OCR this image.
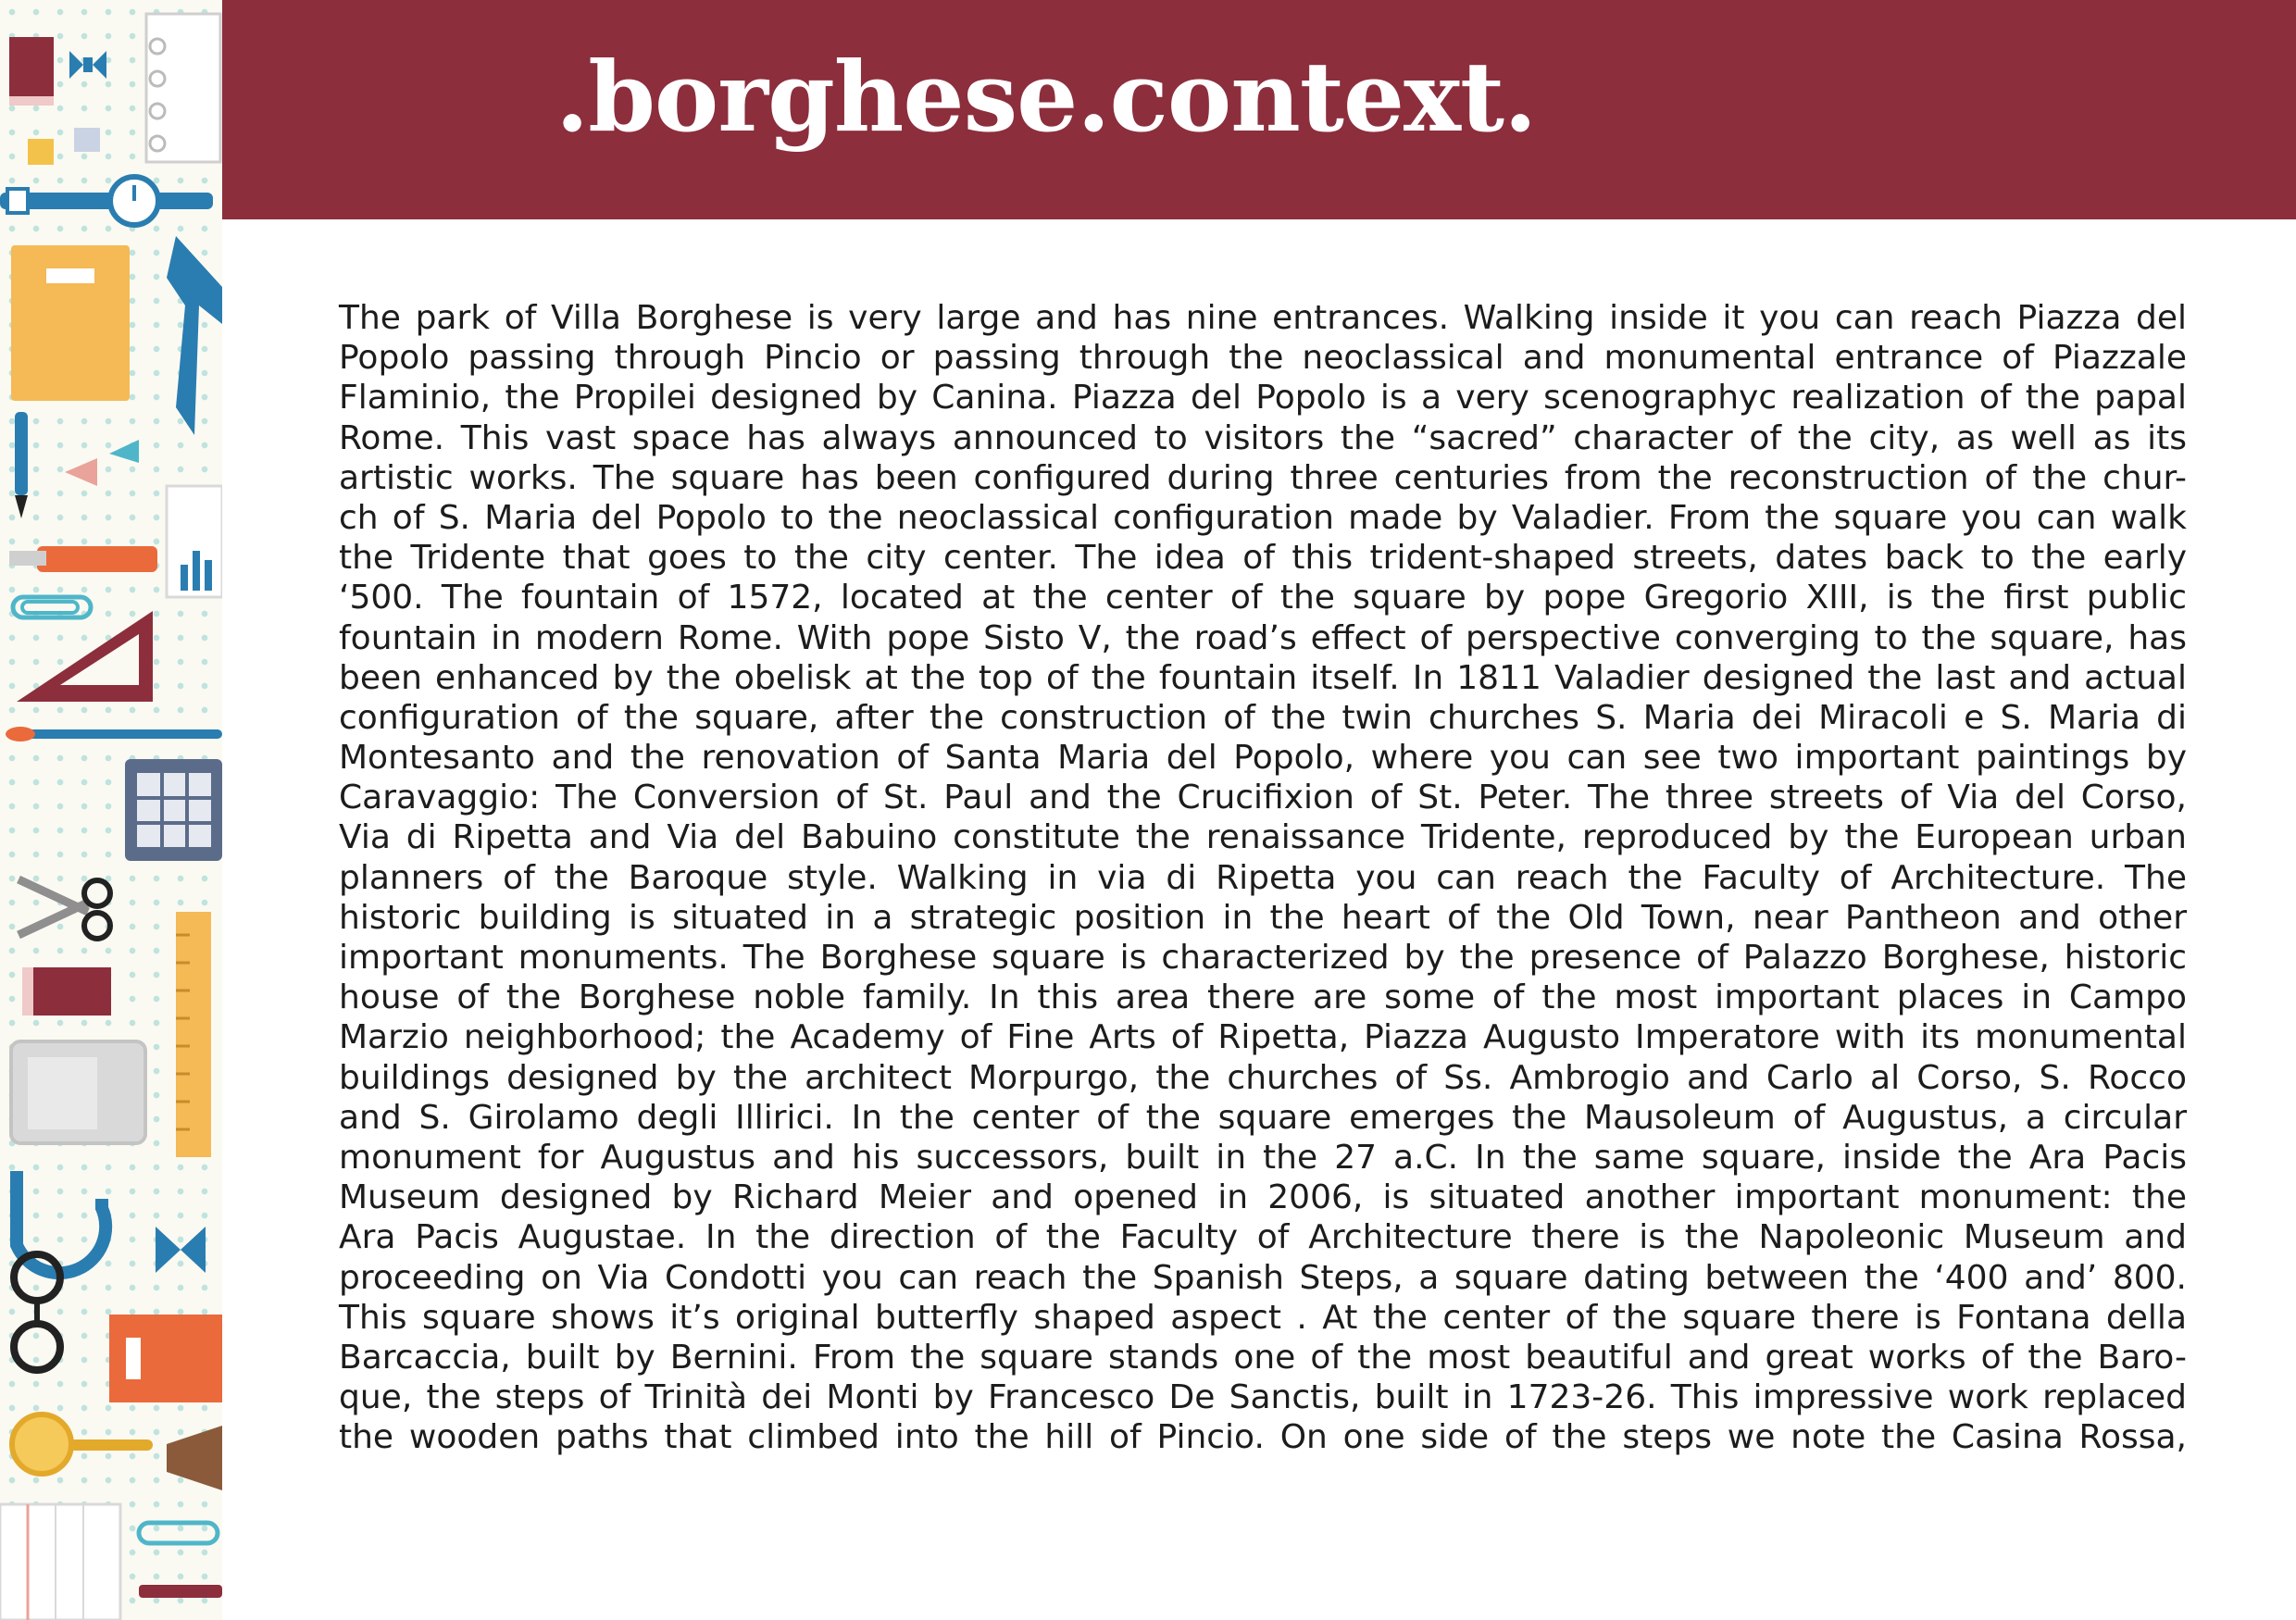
.borghese.context.
The park of Villa Borghese is very large and has nine entrances. Walking inside it you can reach Piazza del
Popolo passing through Pincio or passing through the neoclassical and monumental entrance of Piazzale
Flaminio, the Propilei designed by Canina. Piazza del Popolo is a very scenographyc realization of the papal
Rome. This vast space has always announced to visitors the “sacred” character of the city, as well as its
artistic works. The square has been configured during three centuries from the reconstruction of the chur-
ch of S. Maria del Popolo to the neoclassical configuration made by Valadier. From the square you can walk
the Tridente that goes to the city center. The idea of this trident-shaped streets, dates back to the early
‘500. The fountain of 1572, located at the center of the square by pope Gregorio XIII, is the first public
fountain in modern Rome. With pope Sisto V, the road’s effect of perspective converging to the square, has
been enhanced by the obelisk at the top of the fountain itself. In 1811 Valadier designed the last and actual
configuration of the square, after the construction of the twin churches S. Maria dei Miracoli e S. Maria di
Montesanto and the renovation of Santa Maria del Popolo, where you can see two important paintings by
Caravaggio: The Conversion of St. Paul and the Crucifixion of St. Peter. The three streets of Via del Corso,
Via di Ripetta and Via del Babuino constitute the renaissance Tridente, reproduced by the European urban
planners of the Baroque style. Walking in via di Ripetta you can reach the Faculty of Architecture. The
historic building is situated in a strategic position in the heart of the Old Town, near Pantheon and other
important monuments. The Borghese square is characterized by the presence of Palazzo Borghese, historic
house of the Borghese noble family. In this area there are some of the most important places in Campo
Marzio neighborhood; the Academy of Fine Arts of Ripetta, Piazza Augusto Imperatore with its monumental
buildings designed by the architect Morpurgo, the churches of Ss. Ambrogio and Carlo al Corso, S. Rocco
and S. Girolamo degli Illirici. In the center of the square emerges the Mausoleum of Augustus, a circular
monument for Augustus and his successors, built in the 27 a.C. In the same square, inside the Ara Pacis
Museum designed by Richard Meier and opened in 2006, is situated another important monument: the
Ara Pacis Augustae. In the direction of the Faculty of Architecture there is the Napoleonic Museum and
proceeding on Via Condotti you can reach the Spanish Steps, a square dating between the ‘400 and’ 800.
This square shows it’s original butterfly shaped aspect . At the center of the square there is Fontana della
Barcaccia, built by Bernini. From the square stands one of the most beautiful and great works of the Baro-
que, the steps of Trinità dei Monti by Francesco De Sanctis, built in 1723-26. This impressive work replaced
the wooden paths that climbed into the hill of Pincio. On one side of the steps we note the Casina Rossa,
